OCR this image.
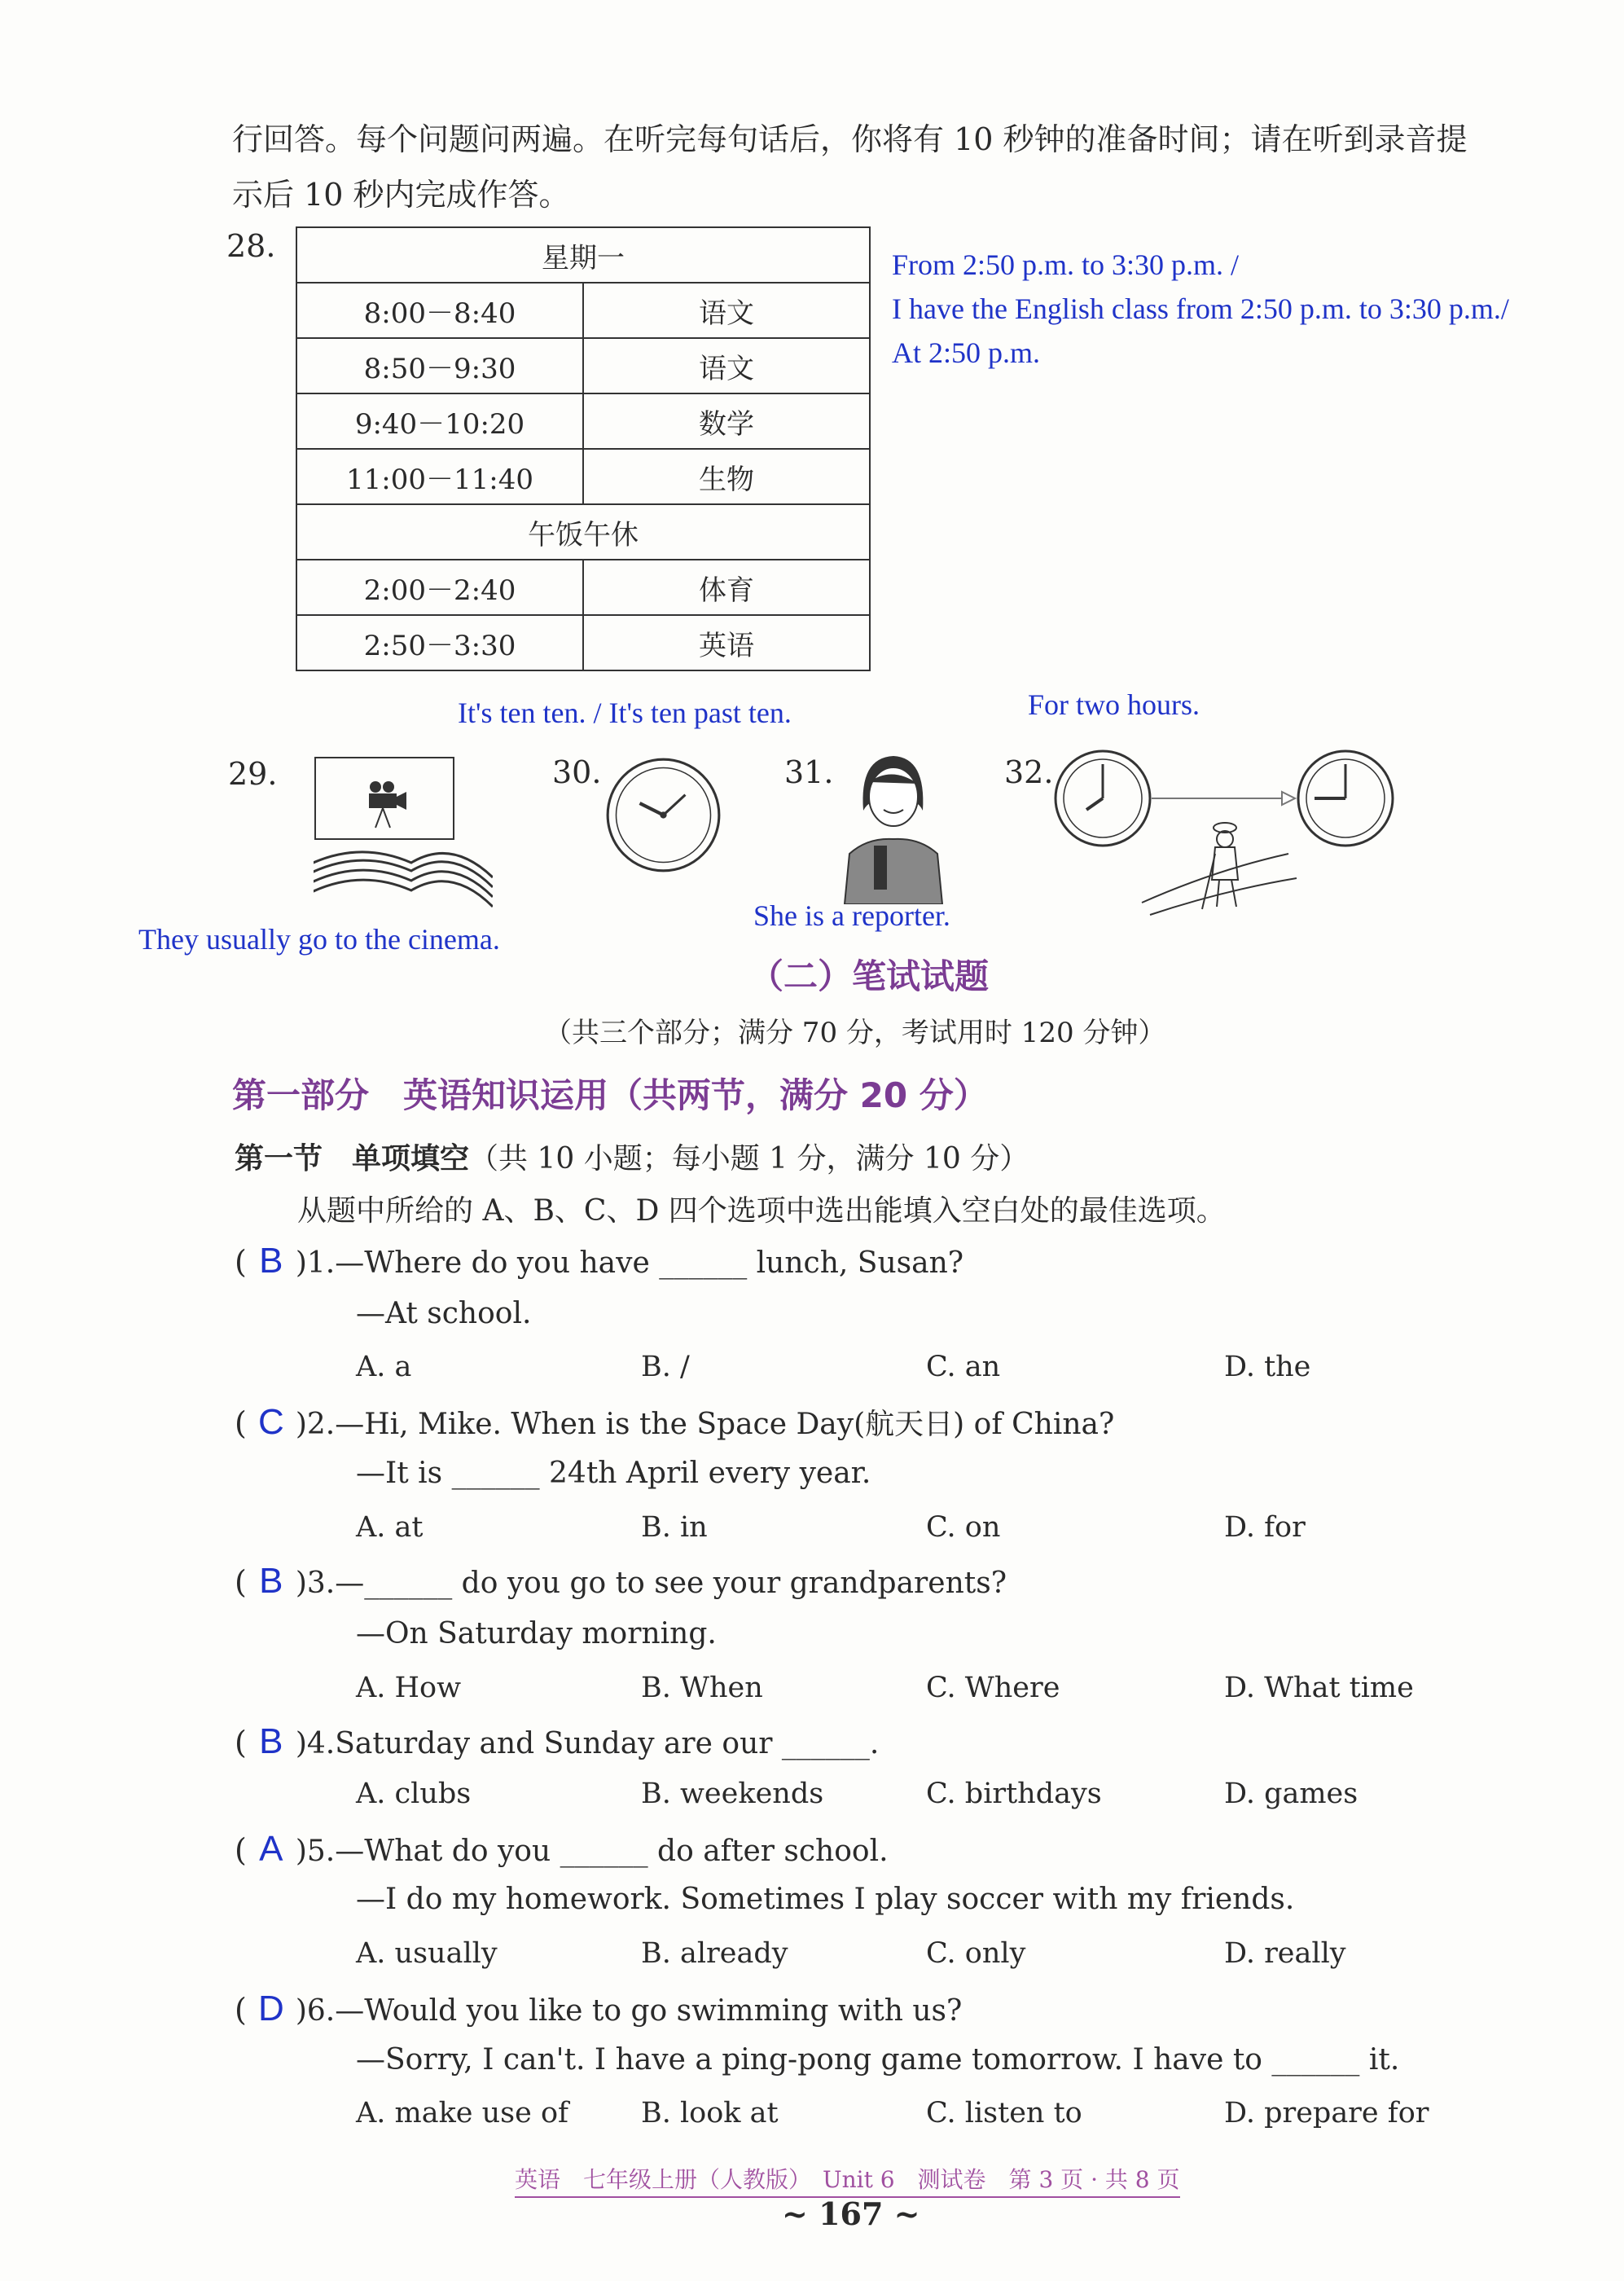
行回答。每个问题问两遍。在听完每句话后，你将有 10 秒钟的准备时间；请在听到录音提
示后 10 秒内完成作答。
28.	星期一	
8:00－8:40	语文
8:50－9:30	语文
9:40－10:20	数学
11:00－11:40	生物
午饭午休	
2:00－2:40	体育
2:50－3:30	英语
From 2:50 p.m. to 3:30 p.m. /
I have the English class from 2:50 p.m. to 3:30 p.m./
At 2:50 p.m.
It's ten ten. / It's ten past ten.	For two hours.
29.	30.	31.	32.
They usually go to the cinema.
She is a reporter.
（二）笔试试题
（共三个部分；满分 70 分，考试用时 120 分钟）
第一部分　英语知识运用（共两节，满分 20 分）
第一节　单项填空（共 10 小题；每小题 1 分，满分 10 分）
从题中所给的 A、B、C、D 四个选项中选出能填入空白处的最佳选项。
( B )1.—Where do you have ______ lunch, Susan?
—At school.
A. a	B. /	C. an	D. the
( C )2.—Hi, Mike. When is the Space Day(航天日) of China?
—It is ______ 24th April every year.
A. at	B. in	C. on	D. for
( B )3.—______ do you go to see your grandparents?
—On Saturday morning.
A. How	B. When	C. Where	D. What time
( B )4.Saturday and Sunday are our ______.
A. clubs	B. weekends	C. birthdays	D. games
( A )5.—What do you ______ do after school.
—I do my homework. Sometimes I play soccer with my friends.
A. usually	B. already	C. only	D. really
( D )6.—Would you like to go swimming with us?
—Sorry, I can't. I have a ping-pong game tomorrow. I have to ______ it.
A. make use of	B. look at	C. listen to	D. prepare for
英语　七年级上册（人教版）　Unit 6　测试卷　第 3 页 · 共 8 页
~ 167 ~
